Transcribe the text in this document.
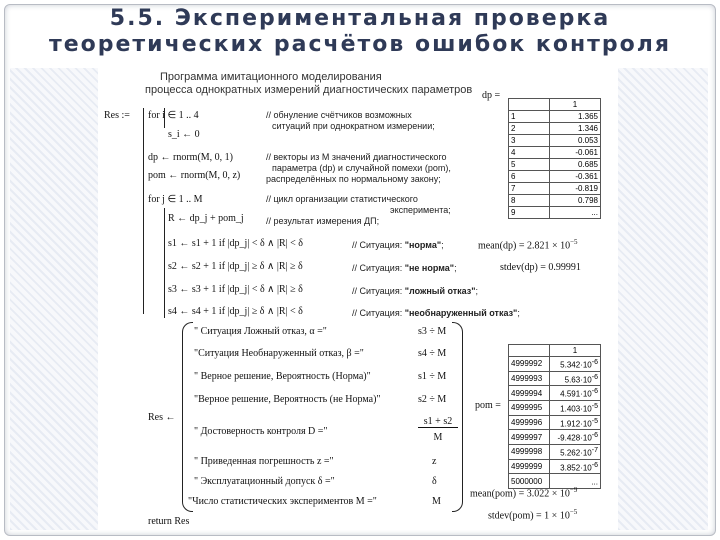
5.5. Экспериментальная проверка
теоретических расчётов ошибок контроля
Программа имитационного моделирования
процесса однократных измерений диагностических параметров
Res := for i ∈ 1 .. 4
s_i ← 0
dp ← rnorm(M, 0, 1)
pom ← rnorm(M, 0, z)
for j ∈ 1 .. M
R ← dp_j + pom_j
s1 ← s1 + 1 if |dp_j| < δ ∧ |R| < δ
s2 ← s2 + 1 if |dp_j| ≥ δ ∧ |R| ≥ δ
s3 ← s3 + 1 if |dp_j| < δ ∧ |R| ≥ δ
s4 ← s4 + 1 if |dp_j| ≥ δ ∧ |R| < δ
// обнуление счётчиков возможных
ситуаций при однократном измерении;
// векторы из M значений диагностического
параметра (dp) и случайной помехи (pom),
распределённых по нормальному закону;
// цикл организации статистического
эксперимента;
// результат измерения ДП;
// Ситуация: "норма";
// Ситуация: "не норма";
// Ситуация: "ложный отказ";
// Ситуация: "необнаруженный отказ";
Res ←
" Ситуация Ложный отказ, α ="	s3 ÷ M
"Ситуация Необнаруженный отказ, β ="	s4 ÷ M
" Верное решение, Вероятность (Норма)"	s1 ÷ M
"Верное решение, Вероятность (не Норма)"	s2 ÷ M
" Достоверность контроля D ="
s1 + s2
M
" Приведенная погрешность z ="	z
" Эксплуатационный допуск δ ="	δ
"Число статистических экспериментов M ="	M
return Res
dp =
	1
1	1.365
2	1.346
3	0.053
4	-0.061
5	0.685
6	-0.361
7	-0.819
8	0.798
9	...
mean(dp) = $2.821 \times 10^{-5}$
stdev(dp) = 0.99991
pom =
	1
4999992	$5.342\cdot 10^{-6}$
4999993	$5.63\cdot 10^{-6}$
4999994	$4.591\cdot 10^{-6}$
4999995	$1.403\cdot 10^{-5}$
4999996	$1.912\cdot 10^{-5}$
4999997	$-9.428\cdot 10^{-6}$
4999998	$5.262\cdot 10^{-7}$
4999999	$3.852\cdot 10^{-6}$
5000000	...
mean(pom) = $3.022 \times 10^{-9}$
stdev(pom) = $1 \times 10^{-5}$
